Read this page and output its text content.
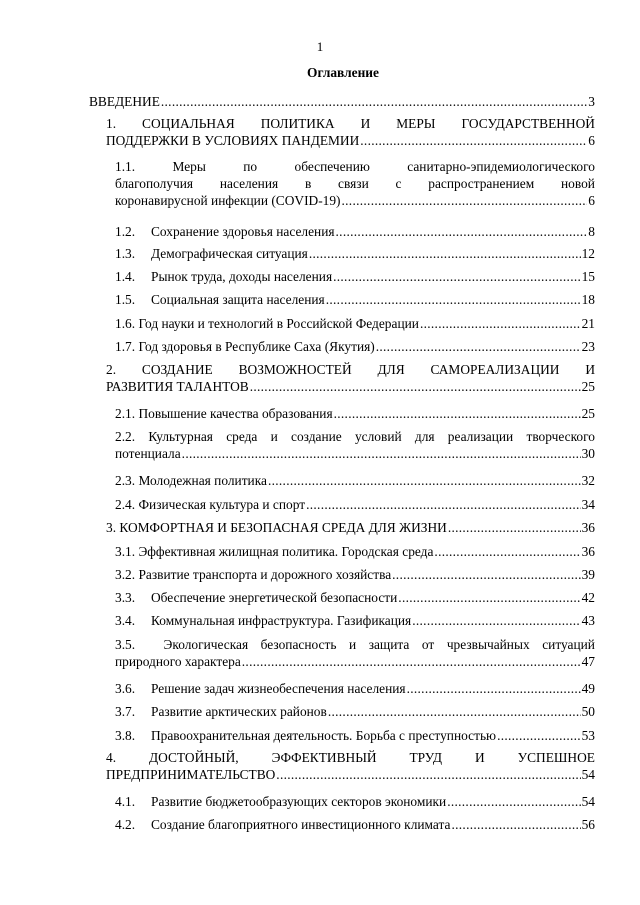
1
Оглавление
ВВЕДЕНИЕ .....	3
1. СОЦИАЛЬНАЯ ПОЛИТИКА И МЕРЫ ГОСУДАРСТВЕННОЙ
ПОДДЕРЖКИ В УСЛОВИЯХ ПАНДЕМИИ .....	6
1.1.	Меры	по	обеспечению	санитарно-эпидемиологического
благополучия населения в связи с распространением новой
коронавирусной инфекции (COVID-19) .....	6
1.2. Сохранение здоровья населения .....	8
1.3. Демографическая ситуация .....	12
1.4. Рынок труда, доходы населения .....	15
1.5. Социальная защита населения .....	18
1.6. Год науки и технологий в Российской Федерации .....	21
1.7. Год здоровья в Республике Саха (Якутия) .....	23
2. СОЗДАНИЕ ВОЗМОЖНОСТЕЙ ДЛЯ САМОРЕАЛИЗАЦИИ И
РАЗВИТИЯ ТАЛАНТОВ .....	25
2.1. Повышение качества образования .....	25
2.2. Культурная среда и создание условий для реализации творческого
потенциала .....	30
2.3. Молодежная политика .....	32
2.4. Физическая культура и спорт .....	34
3. КОМФОРТНАЯ И БЕЗОПАСНАЯ СРЕДА ДЛЯ ЖИЗНИ .....	36
3.1. Эффективная жилищная политика. Городская среда .....	36
3.2. Развитие транспорта и дорожного хозяйства .....	39
3.3. Обеспечение энергетической безопасности .....	42
3.4. Коммунальная инфраструктура. Газификация .....	43
3.5.	Экологическая безопасность и защита от чрезвычайных ситуаций
природного характера .....	47
3.6. Решение задач жизнеобеспечения населения .....	49
3.7. Развитие арктических районов .....	50
3.8. Правоохранительная деятельность. Борьба с преступностью .....	53
4. ДОСТОЙНЫЙ, ЭФФЕКТИВНЫЙ ТРУД И УСПЕШНОЕ
ПРЕДПРИНИМАТЕЛЬСТВО .....	54
4.1. Развитие бюджетообразующих секторов экономики .....	54
4.2. Создание благоприятного инвестиционного климата .....	56
